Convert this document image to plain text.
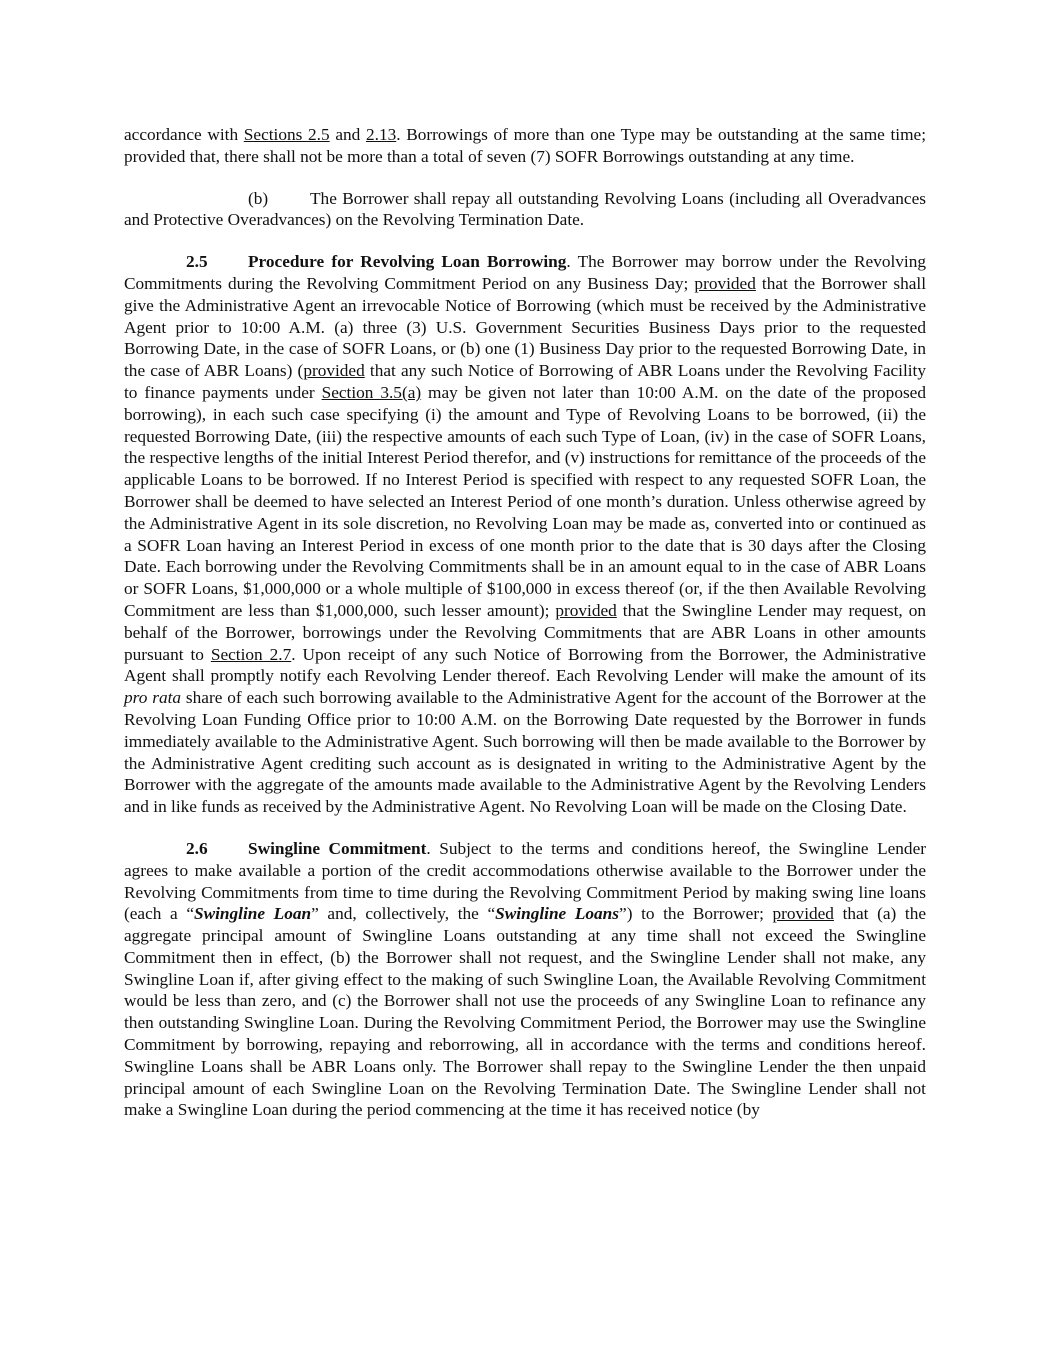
accordance with Sections 2.5 and 2.13. Borrowings of more than one Type may be outstanding at the same time; provided that, there shall not be more than a total of seven (7) SOFR Borrowings outstanding at any time.

(b) The Borrower shall repay all outstanding Revolving Loans (including all Overadvances and Protective Overadvances) on the Revolving Termination Date.

2.5 Procedure for Revolving Loan Borrowing. The Borrower may borrow under the Revolving Commitments during the Revolving Commitment Period on any Business Day; provided that the Borrower shall give the Administrative Agent an irrevocable Notice of Borrowing (which must be received by the Administrative Agent prior to 10:00 A.M. (a) three (3) U.S. Government Securities Business Days prior to the requested Borrowing Date, in the case of SOFR Loans, or (b) one (1) Business Day prior to the requested Borrowing Date, in the case of ABR Loans) (provided that any such Notice of Borrowing of ABR Loans under the Revolving Facility to finance payments under Section 3.5(a) may be given not later than 10:00 A.M. on the date of the proposed borrowing), in each such case specifying (i) the amount and Type of Revolving Loans to be borrowed, (ii) the requested Borrowing Date, (iii) the respective amounts of each such Type of Loan, (iv) in the case of SOFR Loans, the respective lengths of the initial Interest Period therefor, and (v) instructions for remittance of the proceeds of the applicable Loans to be borrowed. If no Interest Period is specified with respect to any requested SOFR Loan, the Borrower shall be deemed to have selected an Interest Period of one month’s duration. Unless otherwise agreed by the Administrative Agent in its sole discretion, no Revolving Loan may be made as, converted into or continued as a SOFR Loan having an Interest Period in excess of one month prior to the date that is 30 days after the Closing Date. Each borrowing under the Revolving Commitments shall be in an amount equal to in the case of ABR Loans or SOFR Loans, $1,000,000 or a whole multiple of $100,000 in excess thereof (or, if the then Available Revolving Commitment are less than $1,000,000, such lesser amount); provided that the Swingline Lender may request, on behalf of the Borrower, borrowings under the Revolving Commitments that are ABR Loans in other amounts pursuant to Section 2.7. Upon receipt of any such Notice of Borrowing from the Borrower, the Administrative Agent shall promptly notify each Revolving Lender thereof. Each Revolving Lender will make the amount of its pro rata share of each such borrowing available to the Administrative Agent for the account of the Borrower at the Revolving Loan Funding Office prior to 10:00 A.M. on the Borrowing Date requested by the Borrower in funds immediately available to the Administrative Agent. Such borrowing will then be made available to the Borrower by the Administrative Agent crediting such account as is designated in writing to the Administrative Agent by the Borrower with the aggregate of the amounts made available to the Administrative Agent by the Revolving Lenders and in like funds as received by the Administrative Agent. No Revolving Loan will be made on the Closing Date.

2.6 Swingline Commitment. Subject to the terms and conditions hereof, the Swingline Lender agrees to make available a portion of the credit accommodations otherwise available to the Borrower under the Revolving Commitments from time to time during the Revolving Commitment Period by making swing line loans (each a “Swingline Loan” and, collectively, the “Swingline Loans”) to the Borrower; provided that (a) the aggregate principal amount of Swingline Loans outstanding at any time shall not exceed the Swingline Commitment then in effect, (b) the Borrower shall not request, and the Swingline Lender shall not make, any Swingline Loan if, after giving effect to the making of such Swingline Loan, the Available Revolving Commitment would be less than zero, and (c) the Borrower shall not use the proceeds of any Swingline Loan to refinance any then outstanding Swingline Loan. During the Revolving Commitment Period, the Borrower may use the Swingline Commitment by borrowing, repaying and reborrowing, all in accordance with the terms and conditions hereof. Swingline Loans shall be ABR Loans only. The Borrower shall repay to the Swingline Lender the then unpaid principal amount of each Swingline Loan on the Revolving Termination Date. The Swingline Lender shall not make a Swingline Loan during the period commencing at the time it has received notice (by
